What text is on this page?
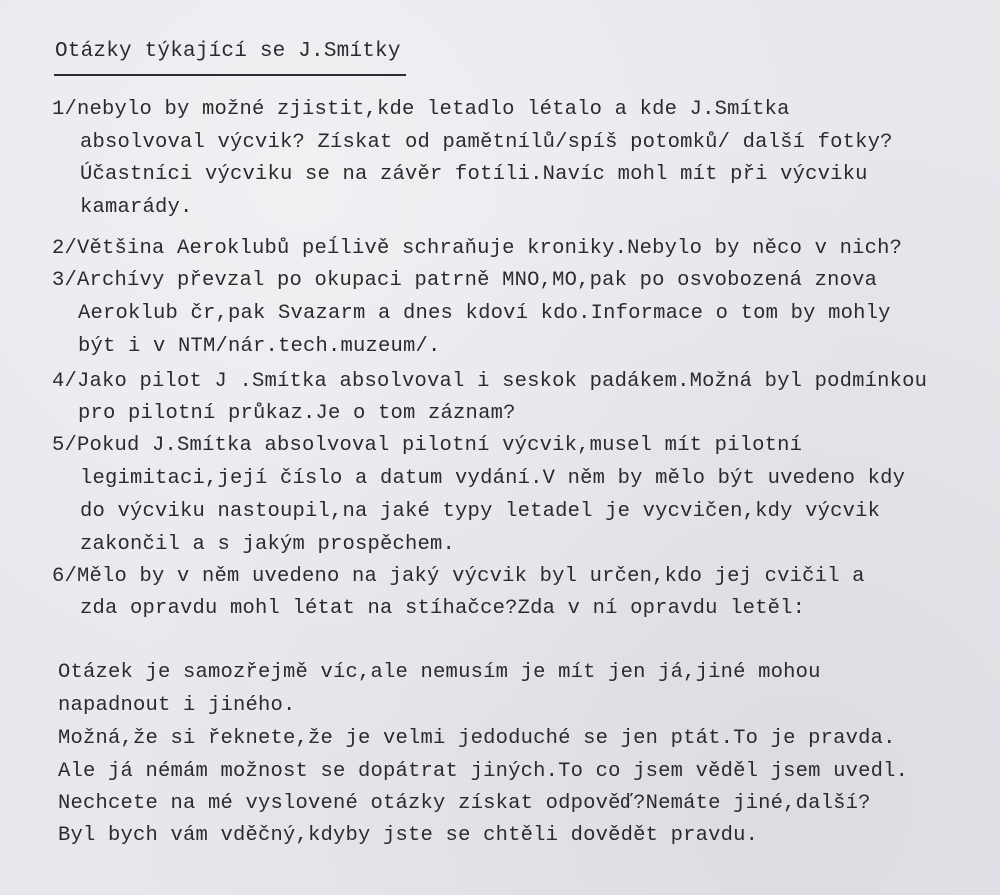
Otázky týkající se J.Smítky
1/nebylo by možné zjistit,kde letadlo létalo a kde J.Smítka
absolvoval výcvik? Získat od pamětnílů/spíš potomků/ další fotky?
Účastníci výcviku se na závěr fotíli.Navíc mohl mít při výcviku
kamarády.
2/Většina Aeroklubů peĺlivě schraňuje kroniky.Nebylo by něco v nich?
3/Archívy převzal po okupaci patrně MNO,MO,pak po osvobozená znova
Aeroklub čr,pak Svazarm a dnes kdoví kdo.Informace o tom by mohly
být i v NTM/nár.tech.muzeum/.
4/Jako pilot J .Smítka absolvoval i seskok padákem.Možná byl podmínkou
pro pilotní průkaz.Je o tom záznam?
5/Pokud J.Smítka absolvoval pilotní výcvik,musel mít pilotní
legimitaci,její číslo a datum vydání.V něm by mělo být uvedeno kdy
do výcviku nastoupil,na jaké typy letadel je vycvičen,kdy výcvik
zakončil a s jakým prospěchem.
6/Mělo by v něm uvedeno na jaký výcvik byl určen,kdo jej cvičil a
zda opravdu mohl létat na stíhačce?Zda v ní opravdu letěl:
Otázek je samozřejmě víc,ale nemusím je mít jen já,jiné mohou
napadnout i jiného.
Možná,že si řeknete,že je velmi jedoduché se jen ptát.To je pravda.
Ale já némám možnost se dopátrat jiných.To co jsem věděl jsem uvedl.
Nechcete na mé vyslovené otázky získat odpověď?Nemáte jiné,další?
Byl bych vám vděčný,kdyby jste se chtěli dovědět pravdu.
